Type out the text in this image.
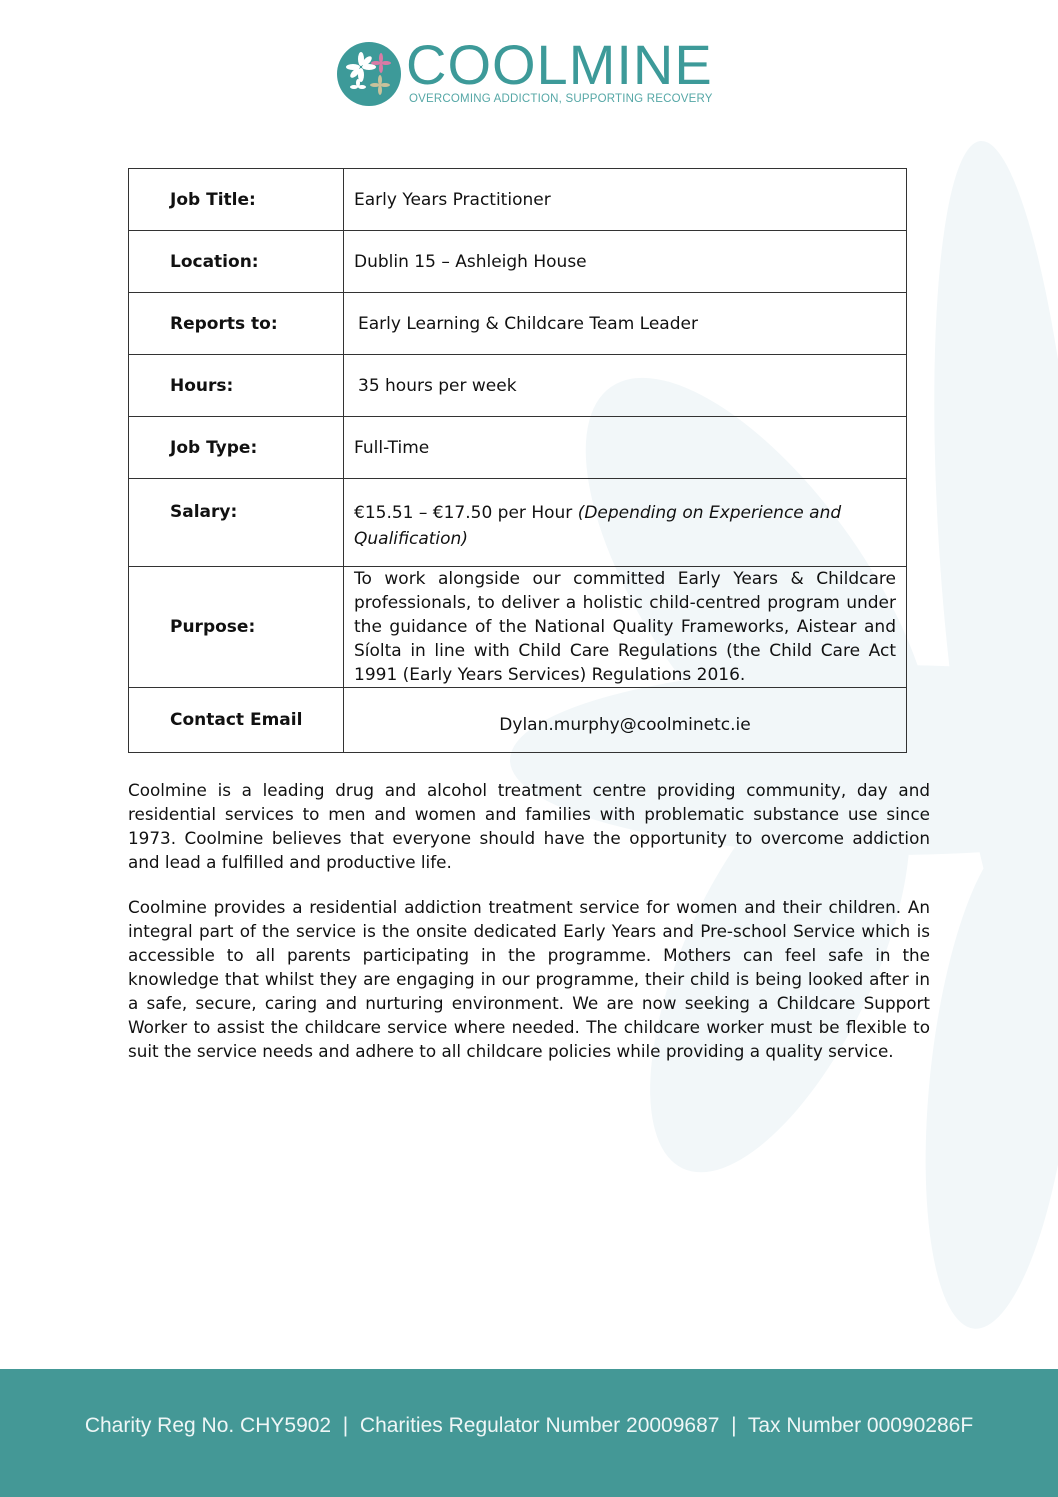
COOLMINE
OVERCOMING ADDICTION, SUPPORTING RECOVERY
Job Title:	Early Years Practitioner
Location:	Dublin 15 – Ashleigh House
Reports to:	Early Learning & Childcare Team Leader
Hours:	35 hours per week
Job Type:	Full-Time
Salary:	€15.51 – €17.50 per Hour (Depending on Experience and Qualification)
Purpose:	To work alongside our committed Early Years & Childcare professionals, to deliver a holistic child-centred program under the guidance of the National Quality Frameworks, Aistear and Síolta in line with Child Care Regulations (the Child Care Act 1991 (Early Years Services) Regulations 2016.
Contact Email	Dylan.murphy@coolminetc.ie

Coolmine is a leading drug and alcohol treatment centre providing community, day and residential services to men and women and families with problematic substance use since 1973. Coolmine believes that everyone should have the opportunity to overcome addiction and lead a fulfilled and productive life.

Coolmine provides a residential addiction treatment service for women and their children. An integral part of the service is the onsite dedicated Early Years and Pre-school Service which is accessible to all parents participating in the programme. Mothers can feel safe in the knowledge that whilst they are engaging in our programme, their child is being looked after in a safe, secure, caring and nurturing environment. We are now seeking a Childcare Support Worker to assist the childcare service where needed. The childcare worker must be flexible to suit the service needs and adhere to all childcare policies while providing a quality service.

Charity Reg No. CHY5902  |  Charities Regulator Number 20009687  |  Tax Number 00090286F
